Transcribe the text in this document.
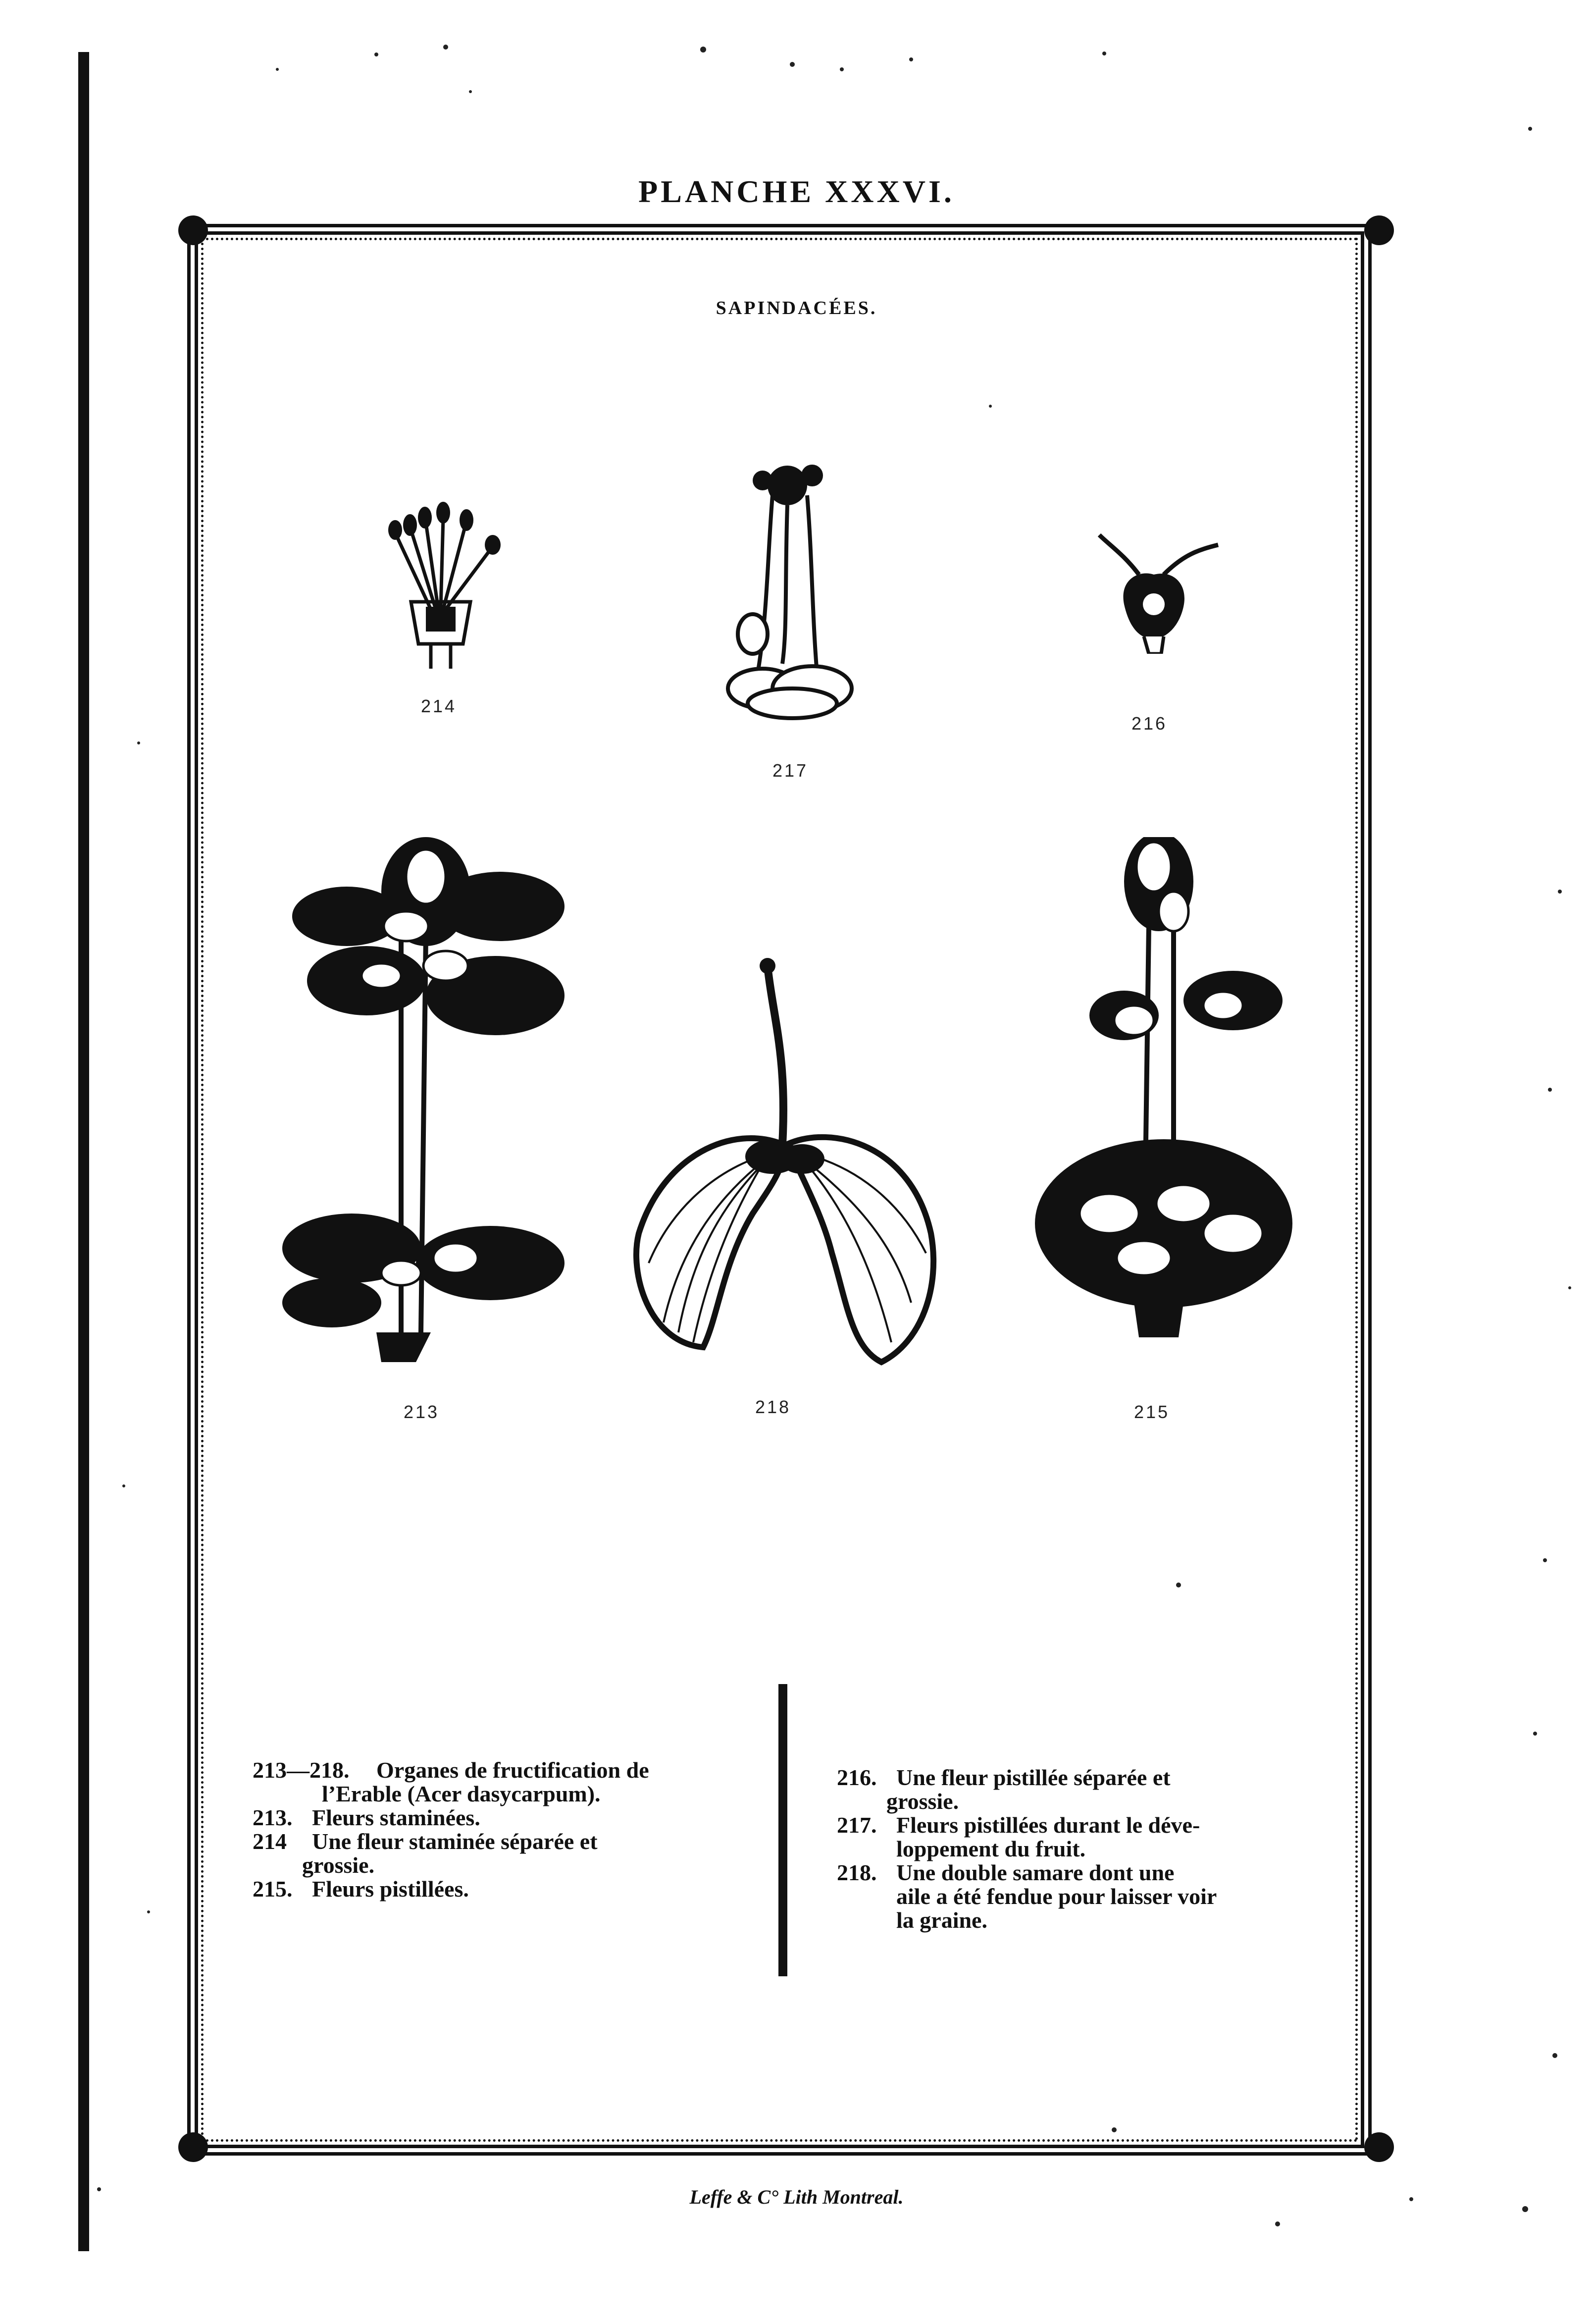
PLANCHE XXXVI.
SAPINDACÉES.
214
217
216
213	218	215

213—218. Organes de fructification de

l’Erable (Acer dasycarpum).

213. Fleurs staminées.

214 Une fleur staminée séparée et

grossie.

215. Fleurs pistillées.

216. Une fleur pistillée séparée et

grossie.

217. Fleurs pistillées durant le déve-

loppement du fruit.

218. Une double samare dont une

aile a été fendue pour laisser voir

la graine.

Leffe & C° Lith Montreal.
